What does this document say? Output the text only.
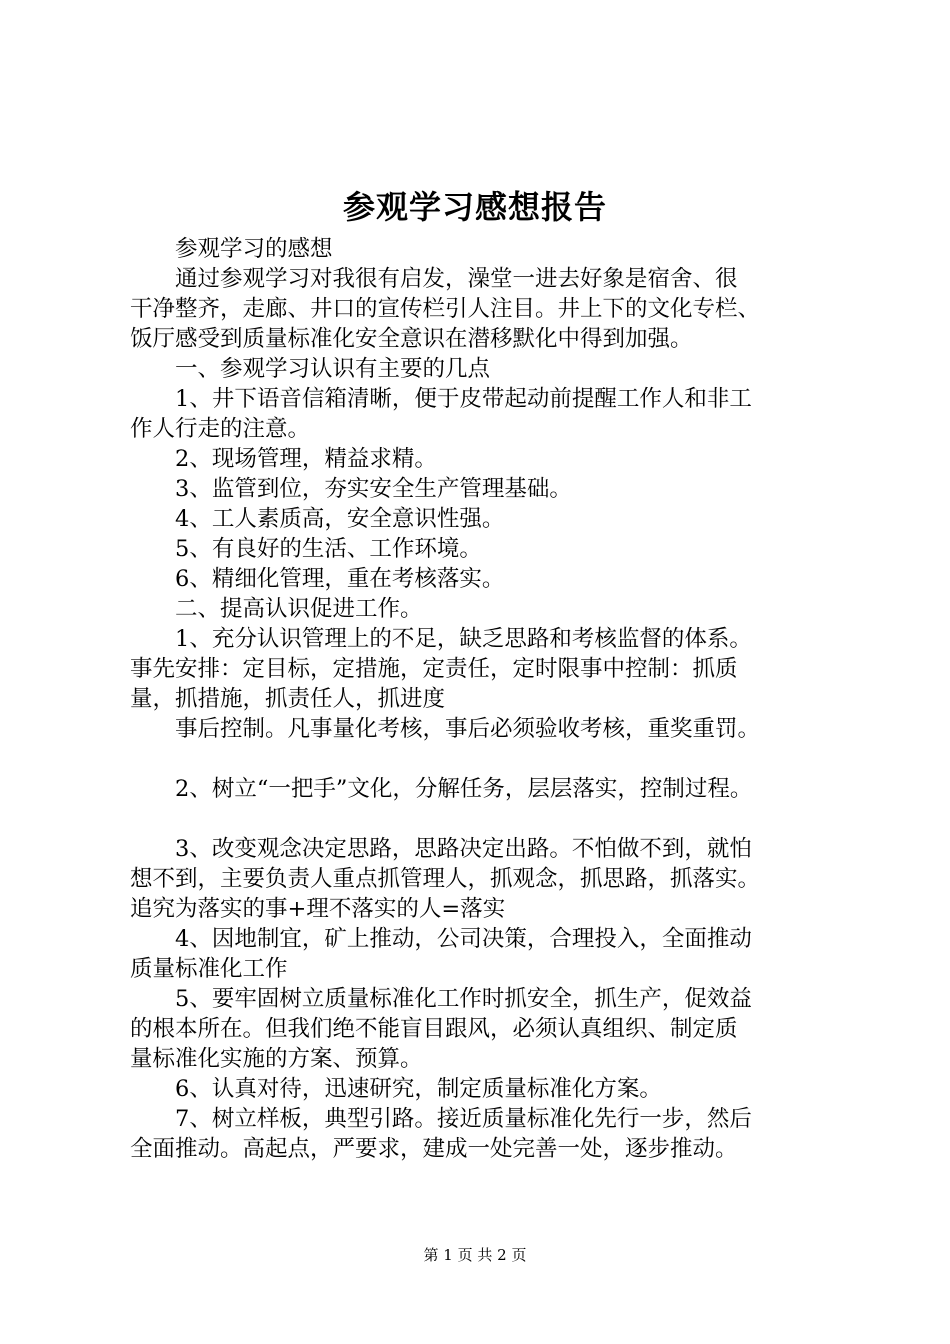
参观学习感想报告

参观学习的感想

通过参观学习对我很有启发，澡堂一进去好象是宿舍、很
干净整齐，走廊、井口的宣传栏引人注目。井上下的文化专栏、
饭厅感受到质量标准化安全意识在潜移默化中得到加强。

一、参观学习认识有主要的几点

1、井下语音信箱清晰，便于皮带起动前提醒工作人和非工
作人行走的注意。

2、现场管理，精益求精。

3、监管到位，夯实安全生产管理基础。

4、工人素质高，安全意识性强。

5、有良好的生活、工作环境。

6、精细化管理，重在考核落实。

二、提高认识促进工作。

1、充分认识管理上的不足，缺乏思路和考核监督的体系。
事先安排：定目标，定措施，定责任，定时限事中控制：抓质
量，抓措施，抓责任人，抓进度

事后控制。凡事量化考核，事后必须验收考核，重奖重罚。

2、树立“一把手”文化，分解任务，层层落实，控制过程。

3、改变观念决定思路，思路决定出路。不怕做不到，就怕
想不到，主要负责人重点抓管理人，抓观念，抓思路，抓落实。
追究为落实的事+理不落实的人=落实

4、因地制宜，矿上推动，公司决策，合理投入，全面推动
质量标准化工作

5、要牢固树立质量标准化工作时抓安全，抓生产，促效益
的根本所在。但我们绝不能盲目跟风，必须认真组织、制定质
量标准化实施的方案、预算。

6、认真对待，迅速研究，制定质量标准化方案。

7、树立样板，典型引路。接近质量标准化先行一步，然后
全面推动。高起点，严要求，建成一处完善一处，逐步推动。

第 1 页 共 2 页
